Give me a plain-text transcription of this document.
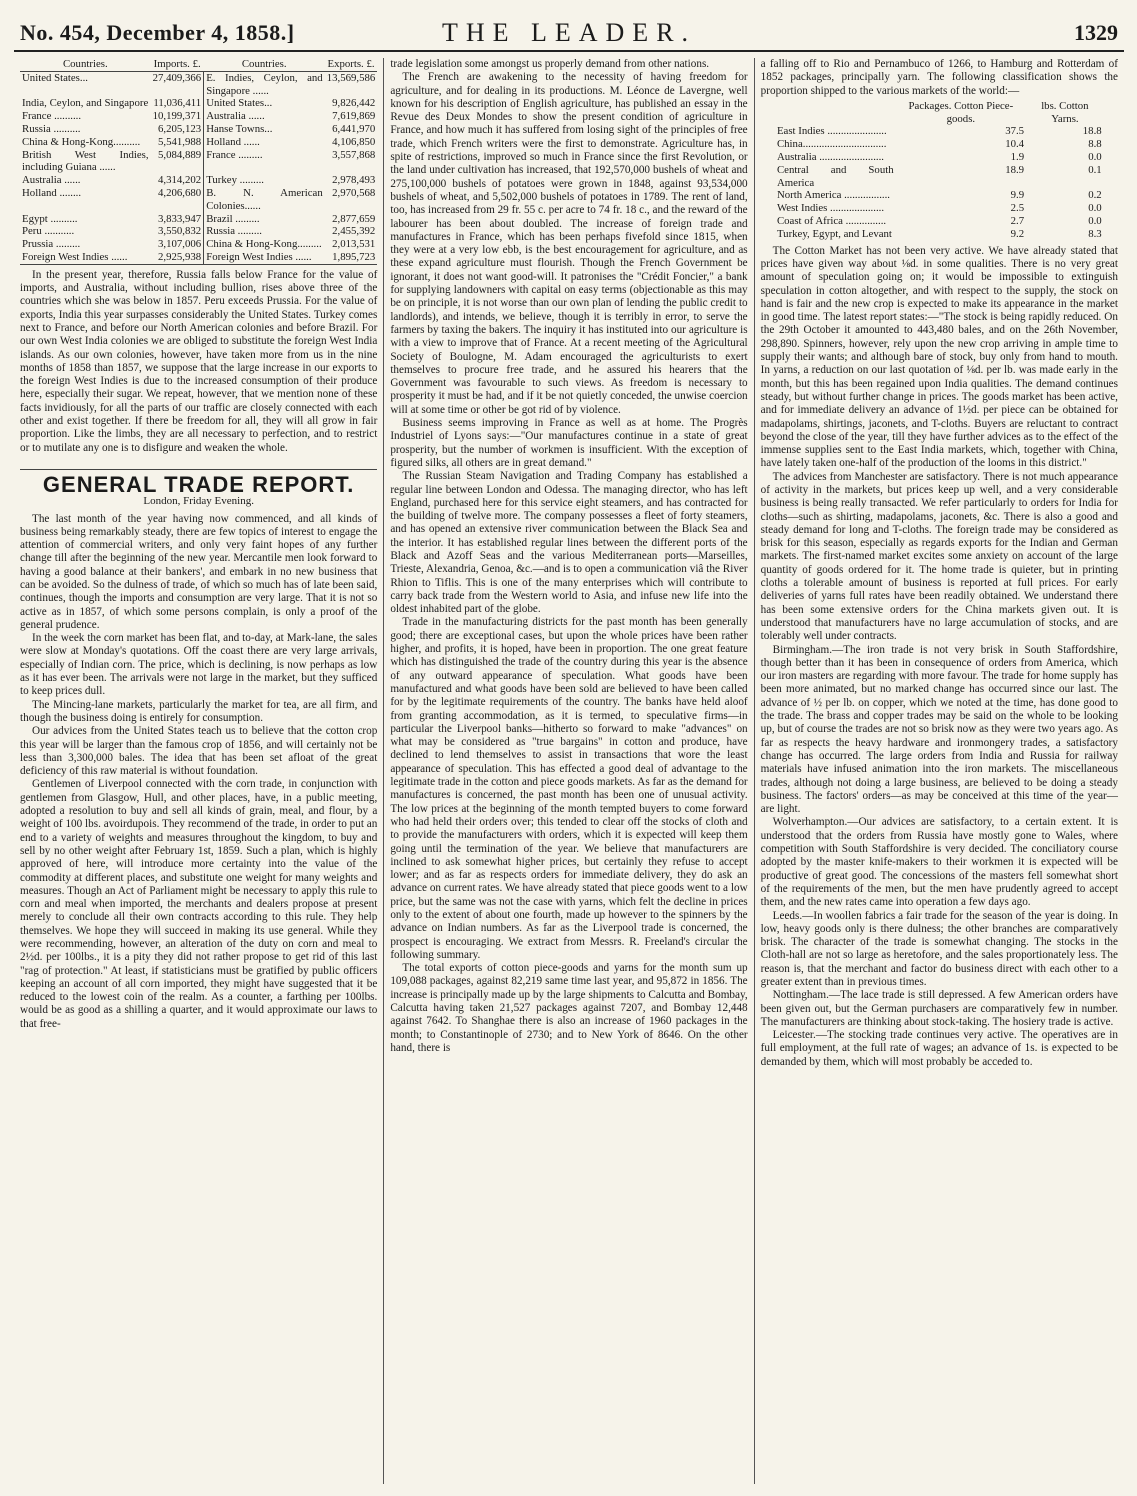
No. 454, December 4, 1858.]	THE LEADER.	1329
Countries.	Imports. £.	Countries.	Exports. £.
United States...	27,409,366	E. Indies, Ceylon, and Singapore ......	13,569,586
India, Ceylon, and Singapore	11,036,411	United States...	9,826,442
France ..........	10,199,371	Australia ......	7,619,869
Russia ..........	6,205,123	Hanse Towns...	6,441,970
China & Hong-Kong..........	5,541,988	Holland ......	4,106,850
British West Indies, including Guiana ......	5,084,889	France .........	3,557,868
Australia ......	4,314,202	Turkey .........	2,978,493
Holland ........	4,206,680	B. N. American Colonies......	2,970,568
Egypt ..........	3,833,947	Brazil .........	2,877,659
Peru ...........	3,550,832	Russia .........	2,455,392
Prussia .........	3,107,006	China & Hong-Kong.........	2,013,531
Foreign West Indies ......	2,925,938	Foreign West Indies ......	1,895,723

In the present year, therefore, Russia falls below France for the value of imports, and Australia, without including bullion, rises above three of the countries which she was below in 1857. Peru exceeds Prussia. For the value of exports, India this year surpasses considerably the United States. Turkey comes next to France, and before our North American colonies and before Brazil. For our own West India colonies we are obliged to substitute the foreign West India islands. As our own colonies, however, have taken more from us in the nine months of 1858 than 1857, we suppose that the large increase in our exports to the foreign West Indies is due to the increased consumption of their produce here, especially their sugar. We repeat, however, that we mention none of these facts invidiously, for all the parts of our traffic are closely connected with each other and exist together. If there be freedom for all, they will all grow in fair proportion. Like the limbs, they are all necessary to perfection, and to restrict or to mutilate any one is to disfigure and weaken the whole.

GENERAL TRADE REPORT.
London, Friday Evening.

The last month of the year having now commenced, and all kinds of business being remarkably steady, there are few topics of interest to engage the attention of commercial writers, and only very faint hopes of any further change till after the beginning of the new year. Mercantile men look forward to having a good balance at their bankers', and embark in no new business that can be avoided. So the dulness of trade, of which so much has of late been said, continues, though the imports and consumption are very large. That it is not so active as in 1857, of which some persons complain, is only a proof of the general prudence.

In the week the corn market has been flat, and to-day, at Mark-lane, the sales were slow at Monday's quotations. Off the coast there are very large arrivals, especially of Indian corn. The price, which is declining, is now perhaps as low as it has ever been. The arrivals were not large in the market, but they sufficed to keep prices dull.

The Mincing-lane markets, particularly the market for tea, are all firm, and though the business doing is entirely for consumption.

Our advices from the United States teach us to believe that the cotton crop this year will be larger than the famous crop of 1856, and will certainly not be less than 3,300,000 bales. The idea that has been set afloat of the great deficiency of this raw material is without foundation.

Gentlemen of Liverpool connected with the corn trade, in conjunction with gentlemen from Glasgow, Hull, and other places, have, in a public meeting, adopted a resolution to buy and sell all kinds of grain, meal, and flour, by a weight of 100 lbs. avoirdupois. They recommend of the trade, in order to put an end to a variety of weights and measures throughout the kingdom, to buy and sell by no other weight after February 1st, 1859. Such a plan, which is highly approved of here, will introduce more certainty into the value of the commodity at different places, and substitute one weight for many weights and measures. Though an Act of Parliament might be necessary to apply this rule to corn and meal when imported, the merchants and dealers propose at present merely to conclude all their own contracts according to this rule. They help themselves. We hope they will succeed in making its use general. While they were recommending, however, an alteration of the duty on corn and meal to 2½d. per 100lbs., it is a pity they did not rather propose to get rid of this last "rag of protection." At least, if statisticians must be gratified by public officers keeping an account of all corn imported, they might have suggested that it be reduced to the lowest coin of the realm. As a counter, a farthing per 100lbs. would be as good as a shilling a quarter, and it would approximate our laws to that free-

trade legislation some amongst us properly demand from other nations.

The French are awakening to the necessity of having freedom for agriculture, and for dealing in its productions. M. Léonce de Lavergne, well known for his description of English agriculture, has published an essay in the Revue des Deux Mondes to show the present condition of agriculture in France, and how much it has suffered from losing sight of the principles of free trade, which French writers were the first to demonstrate. Agriculture has, in spite of restrictions, improved so much in France since the first Revolution, or the land under cultivation has increased, that 192,570,000 bushels of wheat and 275,100,000 bushels of potatoes were grown in 1848, against 93,534,000 bushels of wheat, and 5,502,000 bushels of potatoes in 1789. The rent of land, too, has increased from 29 fr. 55 c. per acre to 74 fr. 18 c., and the reward of the labourer has been about doubled. The increase of foreign trade and manufactures in France, which has been perhaps fivefold since 1815, when they were at a very low ebb, is the best encouragement for agriculture, and as these expand agriculture must flourish. Though the French Government be ignorant, it does not want good-will. It patronises the "Crédit Foncier," a bank for supplying landowners with capital on easy terms (objectionable as this may be on principle, it is not worse than our own plan of lending the public credit to landlords), and intends, we believe, though it is terribly in error, to serve the farmers by taxing the bakers. The inquiry it has instituted into our agriculture is with a view to improve that of France. At a recent meeting of the Agricultural Society of Boulogne, M. Adam encouraged the agriculturists to exert themselves to procure free trade, and he assured his hearers that the Government was favourable to such views. As freedom is necessary to prosperity it must be had, and if it be not quietly conceded, the unwise coercion will at some time or other be got rid of by violence.

Business seems improving in France as well as at home. The Progrès Industriel of Lyons says:—"Our manufactures continue in a state of great prosperity, but the number of workmen is insufficient. With the exception of figured silks, all others are in great demand."

The Russian Steam Navigation and Trading Company has established a regular line between London and Odessa. The managing director, who has left England, purchased here for this service eight steamers, and has contracted for the building of twelve more. The company possesses a fleet of forty steamers, and has opened an extensive river communication between the Black Sea and the interior. It has established regular lines between the different ports of the Black and Azoff Seas and the various Mediterranean ports—Marseilles, Trieste, Alexandria, Genoa, &c.—and is to open a communication viâ the River Rhion to Tiflis. This is one of the many enterprises which will contribute to carry back trade from the Western world to Asia, and infuse new life into the oldest inhabited part of the globe.

Trade in the manufacturing districts for the past month has been generally good; there are exceptional cases, but upon the whole prices have been rather higher, and profits, it is hoped, have been in proportion. The one great feature which has distinguished the trade of the country during this year is the absence of any outward appearance of speculation. What goods have been manufactured and what goods have been sold are believed to have been called for by the legitimate requirements of the country. The banks have held aloof from granting accommodation, as it is termed, to speculative firms—in particular the Liverpool banks—hitherto so forward to make "advances" on what may be considered as "true bargains" in cotton and produce, have declined to lend themselves to assist in transactions that wore the least appearance of speculation. This has effected a good deal of advantage to the legitimate trade in the cotton and piece goods markets. As far as the demand for manufactures is concerned, the past month has been one of unusual activity. The low prices at the beginning of the month tempted buyers to come forward who had held their orders over; this tended to clear off the stocks of cloth and to provide the manufacturers with orders, which it is expected will keep them going until the termination of the year. We believe that manufacturers are inclined to ask somewhat higher prices, but certainly they refuse to accept lower; and as far as respects orders for immediate delivery, they do ask an advance on current rates. We have already stated that piece goods went to a low price, but the same was not the case with yarns, which felt the decline in prices only to the extent of about one fourth, made up however to the spinners by the advance on Indian numbers. As far as the Liverpool trade is concerned, the prospect is encouraging. We extract from Messrs. R. Freeland's circular the following summary.

The total exports of cotton piece-goods and yarns for the month sum up 109,088 packages, against 82,219 same time last year, and 95,872 in 1856. The increase is principally made up by the large shipments to Calcutta and Bombay, Calcutta having taken 21,527 packages against 7207, and Bombay 12,448 against 7642. To Shanghae there is also an increase of 1960 packages in the month; to Constantinople of 2730; and to New York of 8646. On the other hand, there is

a falling off to Rio and Pernambuco of 1266, to Hamburg and Rotterdam of 1852 packages, principally yarn. The following classification shows the proportion shipped to the various markets of the world:—

	Packages. Cotton Piece-goods.	lbs. Cotton Yarns.
East Indies ......................	37.5	18.8
China...............................	10.4	8.8
Australia ........................	1.9	0.0
Central and South America	18.9	0.1
North America .................	9.9	0.2
West Indies ....................	2.5	0.0
Coast of Africa ...............	2.7	0.0
Turkey, Egypt, and Levant	9.2	8.3

The Cotton Market has not been very active. We have already stated that prices have given way about ⅛d. in some qualities. There is no very great amount of speculation going on; it would be impossible to extinguish speculation in cotton altogether, and with respect to the supply, the stock on hand is fair and the new crop is expected to make its appearance in the market in good time. The latest report states:—"The stock is being rapidly reduced. On the 29th October it amounted to 443,480 bales, and on the 26th November, 298,890. Spinners, however, rely upon the new crop arriving in ample time to supply their wants; and although bare of stock, buy only from hand to mouth. In yarns, a reduction on our last quotation of ⅛d. per lb. was made early in the month, but this has been regained upon India qualities. The demand continues steady, but without further change in prices. The goods market has been active, and for immediate delivery an advance of 1½d. per piece can be obtained for madapolams, shirtings, jaconets, and T-cloths. Buyers are reluctant to contract beyond the close of the year, till they have further advices as to the effect of the immense supplies sent to the East India markets, which, together with China, have lately taken one-half of the production of the looms in this district."

The advices from Manchester are satisfactory. There is not much appearance of activity in the markets, but prices keep up well, and a very considerable business is being really transacted. We refer particularly to orders for India for cloths—such as shirting, madapolams, jaconets, &c. There is also a good and steady demand for long and T-cloths. The foreign trade may be considered as brisk for this season, especially as regards exports for the Indian and German markets. The first-named market excites some anxiety on account of the large quantity of goods ordered for it. The home trade is quieter, but in printing cloths a tolerable amount of business is reported at full prices. For early deliveries of yarns full rates have been readily obtained. We understand there has been some extensive orders for the China markets given out. It is understood that manufacturers have no large accumulation of stocks, and are tolerably well under contracts.

Birmingham.—The iron trade is not very brisk in South Staffordshire, though better than it has been in consequence of orders from America, which our iron masters are regarding with more favour. The trade for home supply has been more animated, but no marked change has occurred since our last. The advance of ½ per lb. on copper, which we noted at the time, has done good to the trade. The brass and copper trades may be said on the whole to be looking up, but of course the trades are not so brisk now as they were two years ago. As far as respects the heavy hardware and ironmongery trades, a satisfactory change has occurred. The large orders from India and Russia for railway materials have infused animation into the iron markets. The miscellaneous trades, although not doing a large business, are believed to be doing a steady business. The factors' orders—as may be conceived at this time of the year—are light.

Wolverhampton.—Our advices are satisfactory, to a certain extent. It is understood that the orders from Russia have mostly gone to Wales, where competition with South Staffordshire is very decided. The conciliatory course adopted by the master knife-makers to their workmen it is expected will be productive of great good. The concessions of the masters fell somewhat short of the requirements of the men, but the men have prudently agreed to accept them, and the new rates came into operation a few days ago.

Leeds.—In woollen fabrics a fair trade for the season of the year is doing. In low, heavy goods only is there dulness; the other branches are comparatively brisk. The character of the trade is somewhat changing. The stocks in the Cloth-hall are not so large as heretofore, and the sales proportionately less. The reason is, that the merchant and factor do business direct with each other to a greater extent than in previous times.

Nottingham.—The lace trade is still depressed. A few American orders have been given out, but the German purchasers are comparatively few in number. The manufacturers are thinking about stock-taking. The hosiery trade is active.

Leicester.—The stocking trade continues very active. The operatives are in full employment, at the full rate of wages; an advance of 1s. is expected to be demanded by them, which will most probably be acceded to.
